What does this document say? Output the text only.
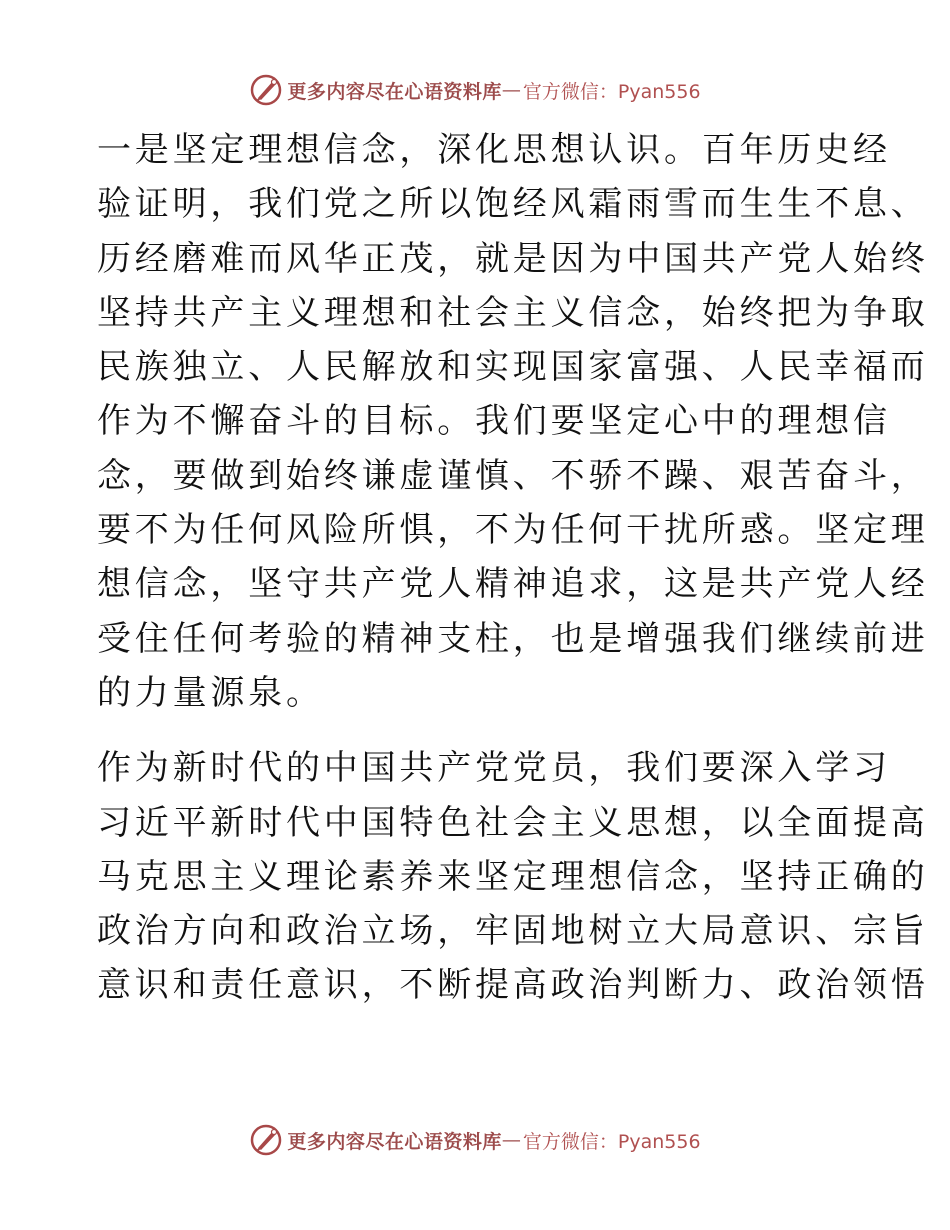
更多内容尽在心语资料库 — 官方微信：Pyan556

一是坚定理想信念，深化思想认识。百年历史经
验证明，我们党之所以饱经风霜雨雪而生生不息、
历经磨难而风华正茂，就是因为中国共产党人始终
坚持共产主义理想和社会主义信念，始终把为争取
民族独立、人民解放和实现国家富强、人民幸福而
作为不懈奋斗的目标。我们要坚定心中的理想信
念，要做到始终谦虚谨慎、不骄不躁、艰苦奋斗，
要不为任何风险所惧，不为任何干扰所惑。坚定理
想信念，坚守共产党人精神追求，这是共产党人经
受住任何考验的精神支柱，也是增强我们继续前进
的力量源泉。

作为新时代的中国共产党党员，我们要深入学习
习近平新时代中国特色社会主义思想，以全面提高
马克思主义理论素养来坚定理想信念，坚持正确的
政治方向和政治立场，牢固地树立大局意识、宗旨
意识和责任意识，不断提高政治判断力、政治领悟

更多内容尽在心语资料库 — 官方微信：Pyan556
